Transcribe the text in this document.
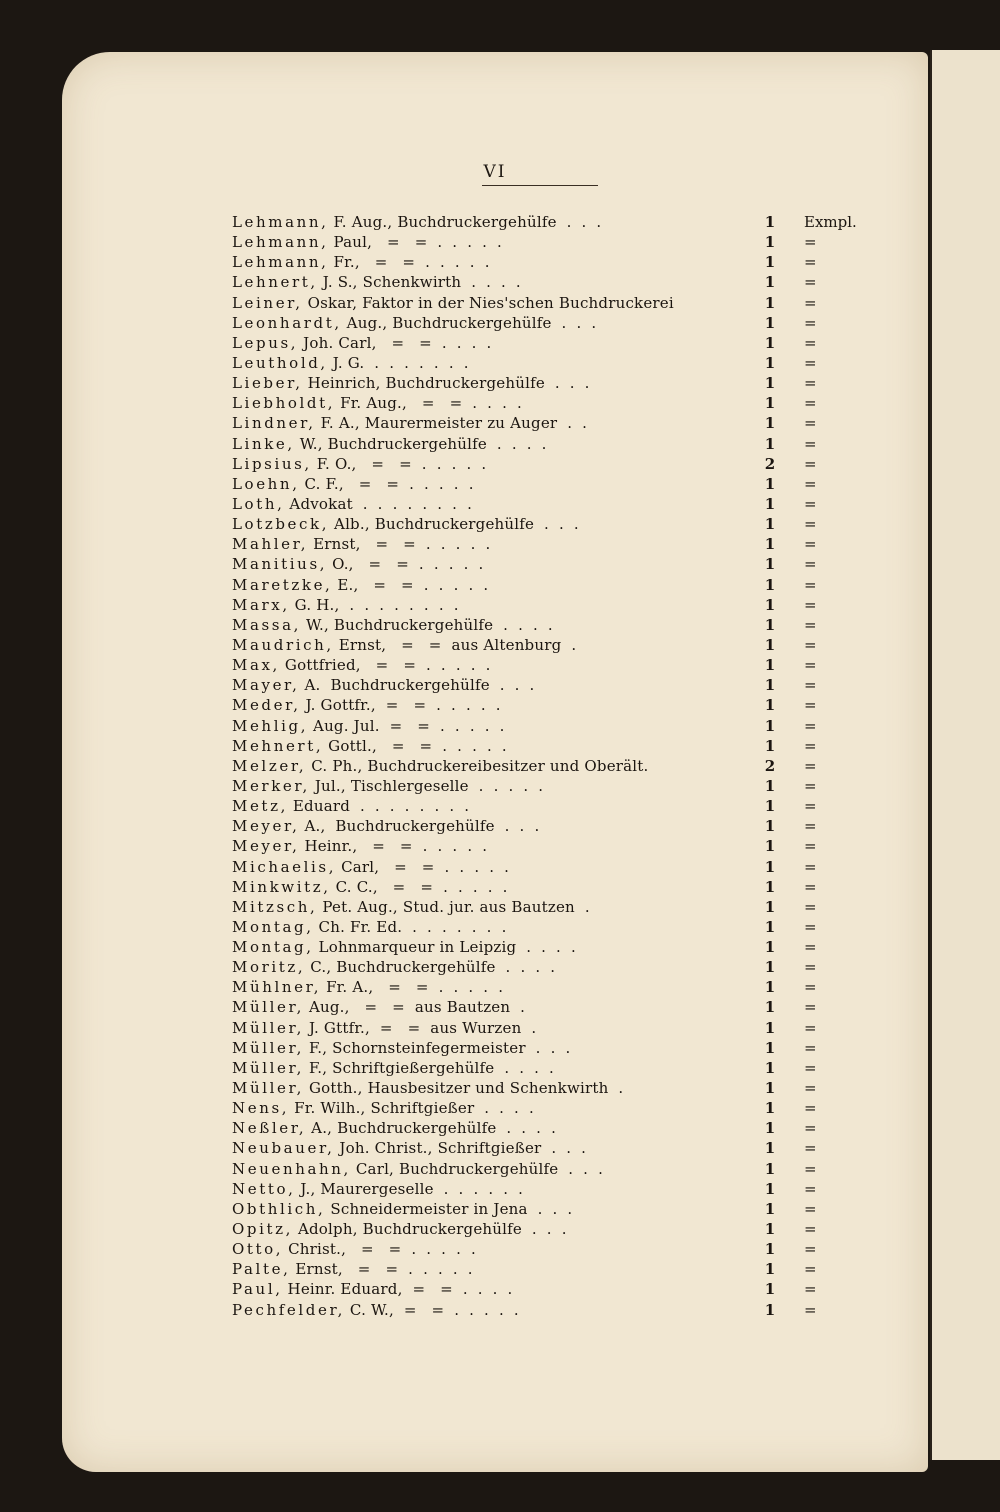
VI
Lehmann, F. Aug., Buchdruckergehülfe  .  .  .	1 Exmpl.
Lehmann, Paul,   =   =  .  .  .  .  .	1 =
Lehmann, Fr.,   =   =  .  .  .  .  .	1 =
Lehnert, J. S., Schenkwirth  .  .  .  .	1 =
Leiner, Oskar, Faktor in der Nies'schen Buchdruckerei	1 =
Leonhardt, Aug., Buchdruckergehülfe  .  .  .	1 =
Lepus, Joh. Carl,   =   =  .  .  .  .	1 =
Leuthold, J. G.  .  .  .  .  .  .  .	1 =
Lieber, Heinrich, Buchdruckergehülfe  .  .  .	1 =
Liebholdt, Fr. Aug.,   =   =  .  .  .  .	1 =
Lindner, F. A., Maurermeister zu Auger  .  .	1 =
Linke, W., Buchdruckergehülfe  .  .  .  .	1 =
Lipsius, F. O.,   =   =  .  .  .  .  .	2 =
Loehn, C. F.,   =   =  .  .  .  .  .	1 =
Loth, Advokat  .  .  .  .  .  .  .  .	1 =
Lotzbeck, Alb., Buchdruckergehülfe  .  .  .	1 =
Mahler, Ernst,   =   =  .  .  .  .  .	1 =
Manitius, O.,   =   =  .  .  .  .  .	1 =
Maretzke, E.,   =   =  .  .  .  .  .	1 =
Marx, G. H.,  .  .  .  .  .  .  .  .	1 =
Massa, W., Buchdruckergehülfe  .  .  .  .	1 =
Maudrich, Ernst,   =   =  aus Altenburg  .	1 =
Max, Gottfried,   =   =  .  .  .  .  .	1 =
Mayer, A.  Buchdruckergehülfe  .  .  .	1 =
Meder, J. Gottfr.,  =   =  .  .  .  .  .	1 =
Mehlig, Aug. Jul.  =   =  .  .  .  .  .	1 =
Mehnert, Gottl.,   =   =  .  .  .  .  .	1 =
Melzer, C. Ph., Buchdruckereibesitzer und Oberält.	2 =
Merker, Jul., Tischlergeselle  .  .  .  .  .	1 =
Metz, Eduard  .  .  .  .  .  .  .  .	1 =
Meyer, A.,  Buchdruckergehülfe  .  .  .	1 =
Meyer, Heinr.,   =   =  .  .  .  .  .	1 =
Michaelis, Carl,   =   =  .  .  .  .  .	1 =
Minkwitz, C. C.,   =   =  .  .  .  .  .	1 =
Mitzsch, Pet. Aug., Stud. jur. aus Bautzen  .	1 =
Montag, Ch. Fr. Ed.  .  .  .  .  .  .  .	1 =
Montag, Lohnmarqueur in Leipzig  .  .  .  .	1 =
Moritz, C., Buchdruckergehülfe  .  .  .  .	1 =
Mühlner, Fr. A.,   =   =  .  .  .  .  .	1 =
Müller, Aug.,   =   =  aus Bautzen  .	1 =
Müller, J. Gttfr.,  =   =  aus Wurzen  .	1 =
Müller, F., Schornsteinfegermeister  .  .  .	1 =
Müller, F., Schriftgießergehülfe  .  .  .  .	1 =
Müller, Gotth., Hausbesitzer und Schenkwirth  .	1 =
Nens, Fr. Wilh., Schriftgießer  .  .  .  .	1 =
Neßler, A., Buchdruckergehülfe  .  .  .  .	1 =
Neubauer, Joh. Christ., Schriftgießer  .  .  .	1 =
Neuenhahn, Carl, Buchdruckergehülfe  .  .  .	1 =
Netto, J., Maurergeselle  .  .  .  .  .  .	1 =
Obthlich, Schneidermeister in Jena  .  .  .	1 =
Opitz, Adolph, Buchdruckergehülfe  .  .  .	1 =
Otto, Christ.,   =   =  .  .  .  .  .	1 =
Palte, Ernst,   =   =  .  .  .  .  .	1 =
Paul, Heinr. Eduard,  =   =  .  .  .  .	1 =
Pechfelder, C. W.,  =   =  .  .  .  .  .	1 =
